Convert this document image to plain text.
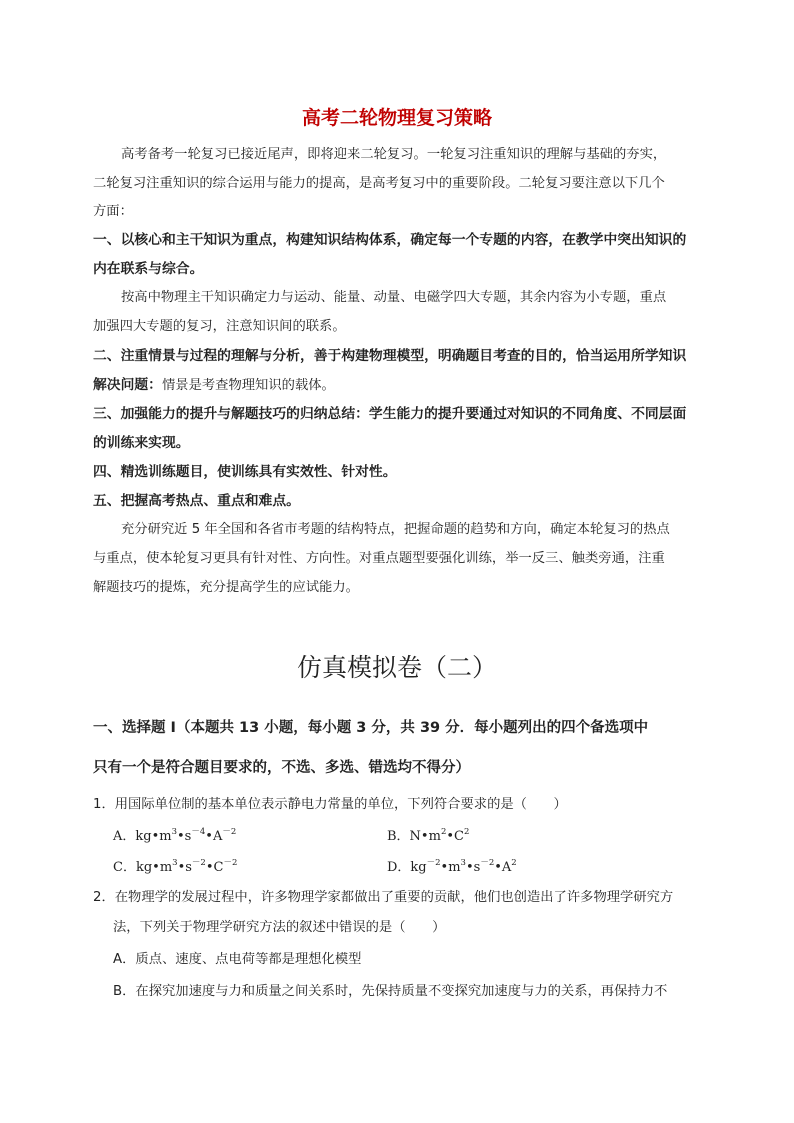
高考二轮物理复习策略
高考备考一轮复习已接近尾声，即将迎来二轮复习。一轮复习注重知识的理解与基础的夯实，
二轮复习注重知识的综合运用与能力的提高，是高考复习中的重要阶段。二轮复习要注意以下几个
方面：
一、以核心和主干知识为重点，构建知识结构体系，确定每一个专题的内容，在教学中突出知识的
内在联系与综合。
按高中物理主干知识确定力与运动、能量、动量、电磁学四大专题，其余内容为小专题，重点
加强四大专题的复习，注意知识间的联系。
二、注重情景与过程的理解与分析，善于构建物理模型，明确题目考查的目的，恰当运用所学知识
解决问题：情景是考查物理知识的载体。
三、加强能力的提升与解题技巧的归纳总结：学生能力的提升要通过对知识的不同角度、不同层面
的训练来实现。
四、精选训练题目，使训练具有实效性、针对性。
五、把握高考热点、重点和难点。
充分研究近 5 年全国和各省市考题的结构特点，把握命题的趋势和方向，确定本轮复习的热点
与重点，使本轮复习更具有针对性、方向性。对重点题型要强化训练，举一反三、触类旁通，注重
解题技巧的提炼，充分提高学生的应试能力。
仿真模拟卷（二）
一、选择题 I（本题共 13 小题，每小题 3 分，共 39 分．每小题列出的四个备选项中
只有一个是符合题目要求的，不选、多选、错选均不得分）
1．用国际单位制的基本单位表示静电力常量的单位，下列符合要求的是（　　）
A．$kg•m^3•s^{-4}•A^{-2}$	B．$N•m^2•C^2$
C．$kg•m^3•s^{-2}•C^{-2}$	D．$kg^{-2}•m^3•s^{-2}•A^2$
2．在物理学的发展过程中，许多物理学家都做出了重要的贡献，他们也创造出了许多物理学研究方
法，下列关于物理学研究方法的叙述中错误的是（　　）
A．质点、速度、点电荷等都是理想化模型
B．在探究加速度与力和质量之间关系时，先保持质量不变探究加速度与力的关系，再保持力不
